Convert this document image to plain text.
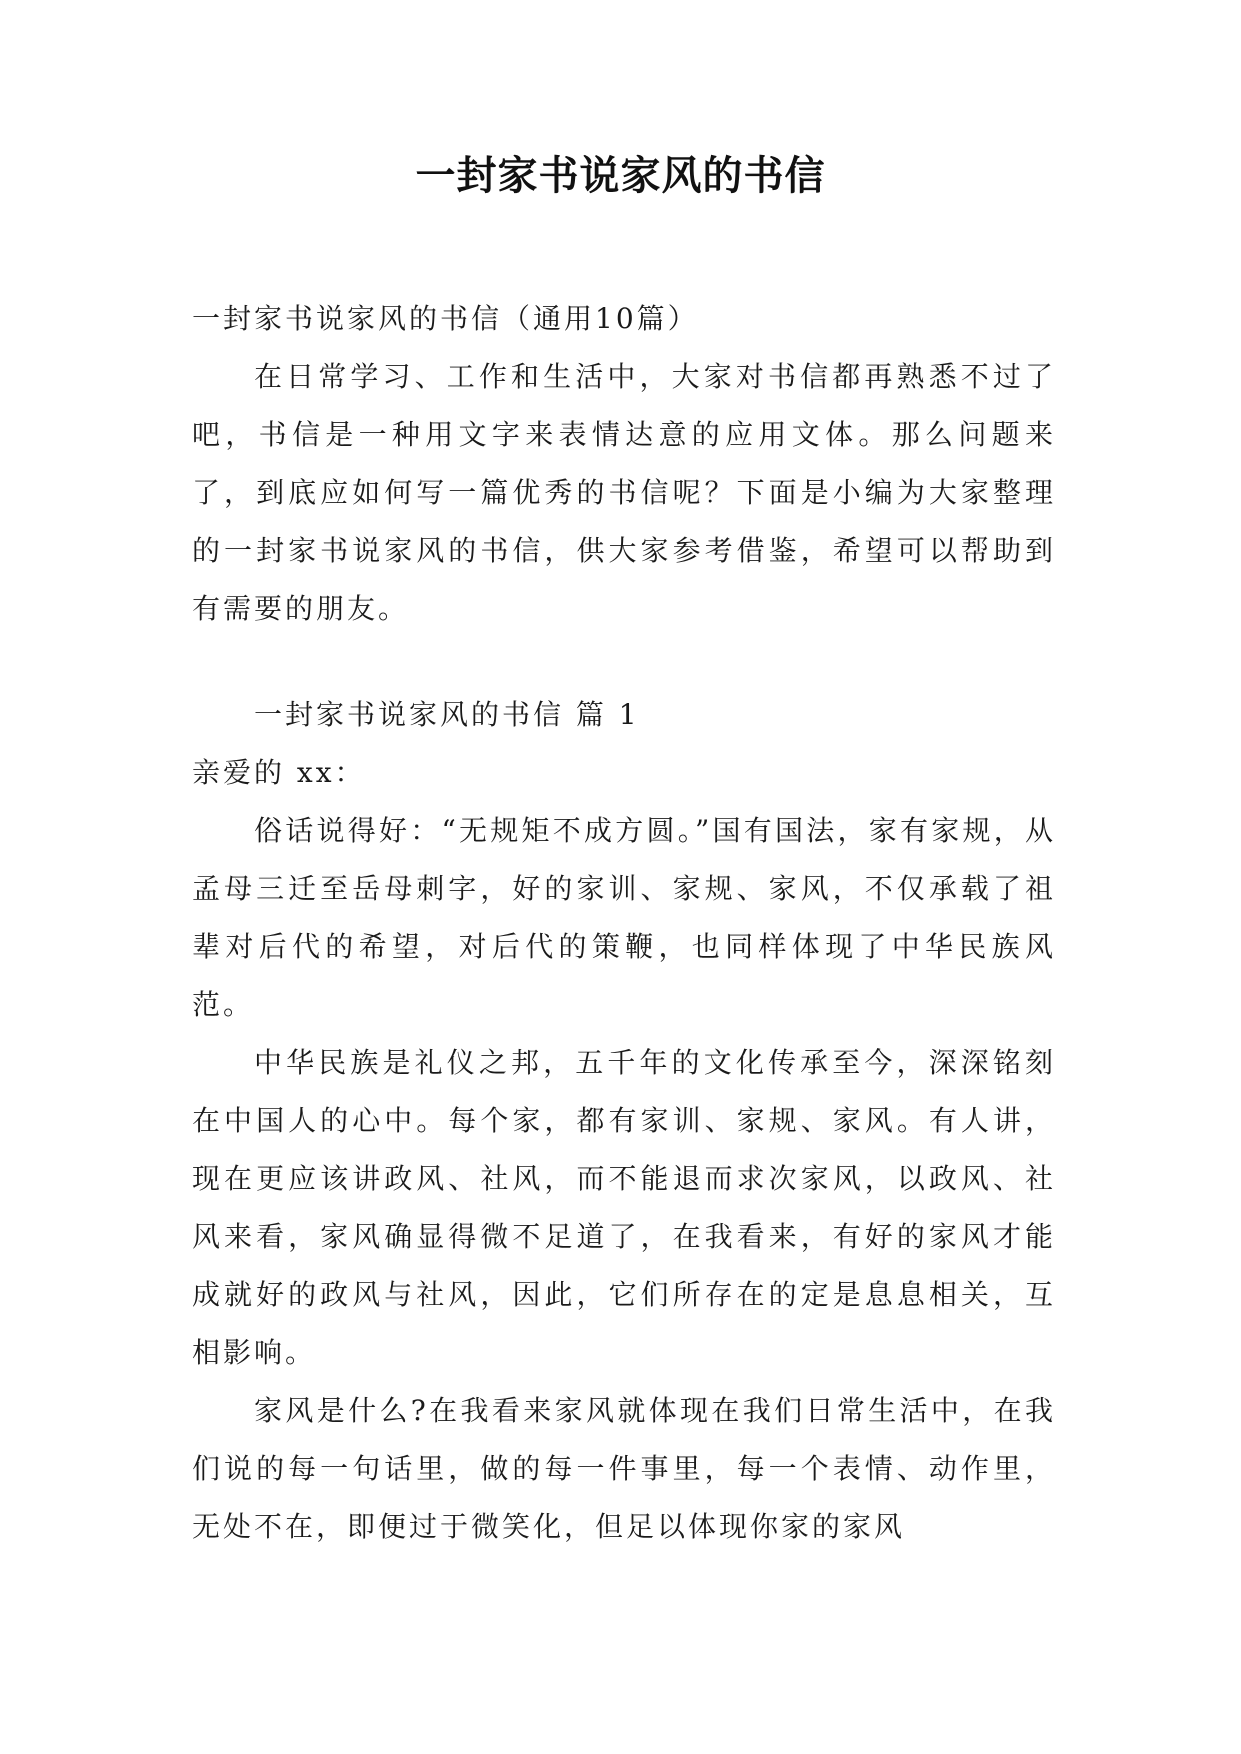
一封家书说家风的书信

一封家书说家风的书信（通用10篇）

在日常学习、工作和生活中，大家对书信都再熟悉不过了吧，书信是一种用文字来表情达意的应用文体。那么问题来了，到底应如何写一篇优秀的书信呢？下面是小编为大家整理的一封家书说家风的书信，供大家参考借鉴，希望可以帮助到有需要的朋友。

一封家书说家风的书信 篇 1

亲爱的 xx：

俗话说得好：“无规矩不成方圆。”国有国法，家有家规，从孟母三迁至岳母刺字，好的家训、家规、家风，不仅承载了祖辈对后代的希望，对后代的策鞭，也同样体现了中华民族风范。

中华民族是礼仪之邦，五千年的文化传承至今，深深铭刻在中国人的心中。每个家，都有家训、家规、家风。有人讲，现在更应该讲政风、社风，而不能退而求次家风，以政风、社风来看，家风确显得微不足道了，在我看来，有好的家风才能成就好的政风与社风，因此，它们所存在的定是息息相关，互相影响。

家风是什么?在我看来家风就体现在我们日常生活中，在我们说的每一句话里，做的每一件事里，每一个表情、动作里，无处不在，即便过于微笑化，但足以体现你家的家风
